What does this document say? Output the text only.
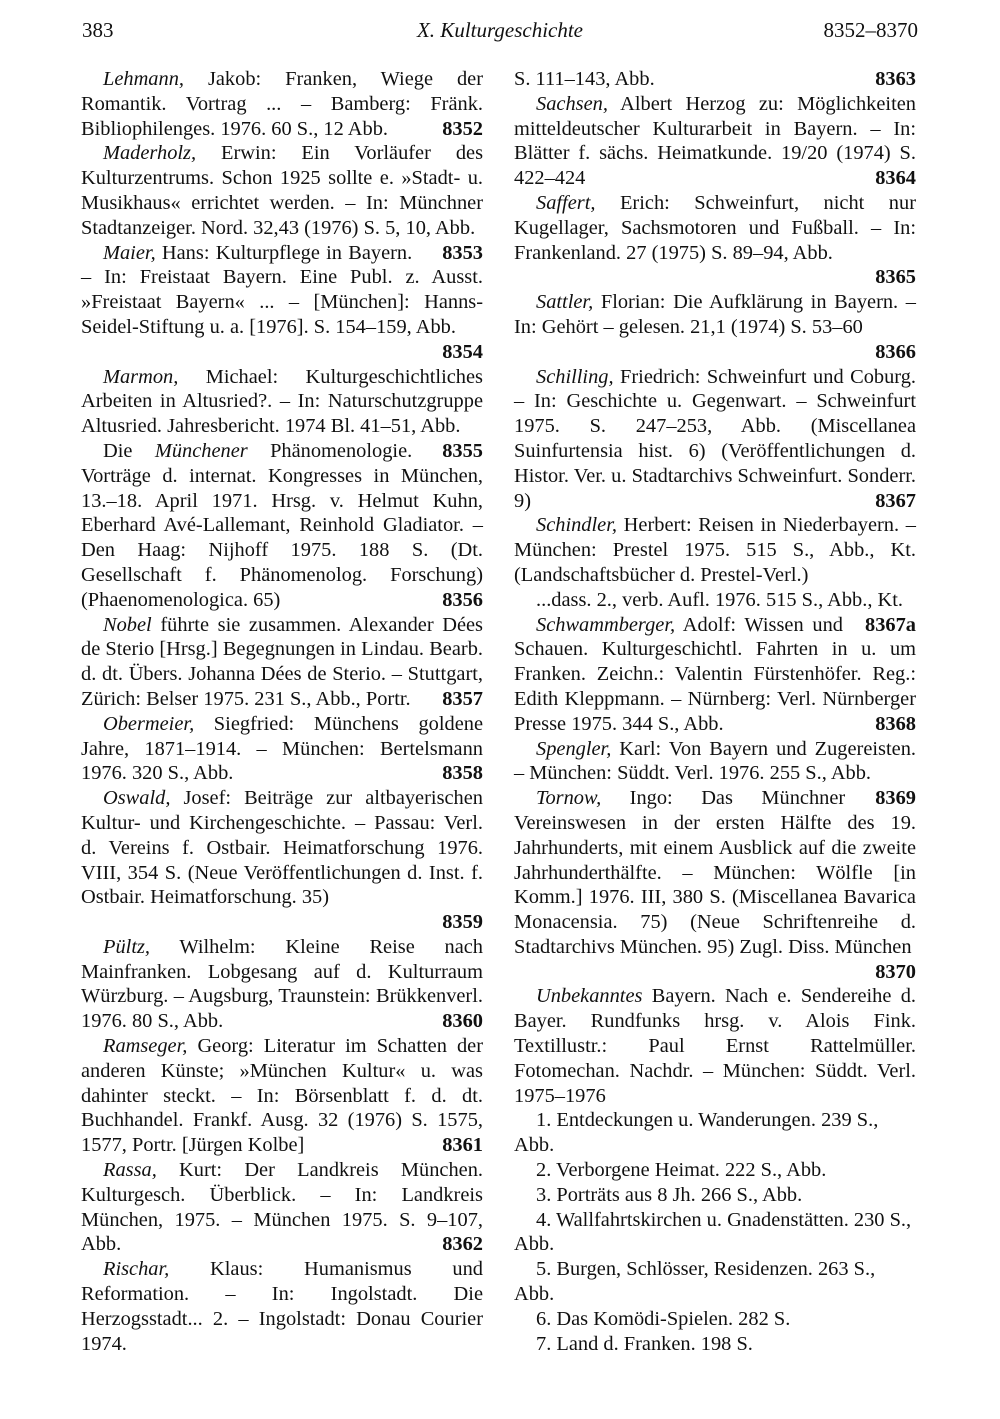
383	X. Kulturgeschichte	8352–8370

Lehmann, Jakob: Franken, Wiege der Romantik. Vortrag ... – Bamberg: Fränk. Bibliophilenges. 1976. 60 S., 12 Abb.	8352

Maderholz, Erwin: Ein Vorläufer des Kulturzentrums. Schon 1925 sollte e. »Stadt- u. Musikhaus« errichtet werden. – In: Münchner Stadtanzeiger. Nord. 32,43 (1976) S. 5, 10, Abb.
8353

Maier, Hans: Kulturpflege in Bayern. – In: Freistaat Bayern. Eine Publ. z. Ausst. »Freistaat Bayern« ... – [München]: Hanns-Seidel-Stiftung u. a. [1976]. S. 154–159, Abb.
8354

Marmon, Michael: Kulturgeschichtliches Arbeiten in Altusried?. – In: Naturschutzgruppe Altusried. Jahresbericht. 1974 Bl. 41–51, Abb.
8355

Die Münchener Phänomenologie. Vorträge d. internat. Kongresses in München, 13.–18. April 1971. Hrsg. v. Helmut Kuhn, Eberhard Avé-Lallemant, Reinhold Gladiator. – Den Haag: Nijhoff 1975. 188 S. (Dt. Gesellschaft f. Phänomenolog. Forschung) (Phaenomenologica. 65)	8356

Nobel führte sie zusammen. Alexander Dées de Sterio [Hrsg.] Begegnungen in Lindau. Bearb. d. dt. Übers. Johanna Dées de Sterio. – Stuttgart, Zürich: Belser 1975. 231 S., Abb., Portr.	8357

Obermeier, Siegfried: Münchens goldene Jahre, 1871–1914. – München: Bertelsmann 1976. 320 S., Abb.	8358

Oswald, Josef: Beiträge zur altbayerischen Kultur- und Kirchengeschichte. – Passau: Verl. d. Vereins f. Ostbair. Heimatforschung 1976. VIII, 354 S. (Neue Veröffentlichungen d. Inst. f. Ostbair. Heimatforschung. 35)
8359

Pültz, Wilhelm: Kleine Reise nach Mainfranken. Lobgesang auf d. Kulturraum Würzburg. – Augsburg, Traunstein: Brükkenverl. 1976. 80 S., Abb.	8360

Ramseger, Georg: Literatur im Schatten der anderen Künste; »München Kultur« u. was dahinter steckt. – In: Börsenblatt f. d. dt. Buchhandel. Frankf. Ausg. 32 (1976) S. 1575, 1577, Portr. [Jürgen Kolbe]	8361

Rassa, Kurt: Der Landkreis München. Kulturgesch. Überblick. – In: Landkreis München, 1975. – München 1975. S. 9–107, Abb.	8362

Rischar, Klaus: Humanismus und Reformation. – In: Ingolstadt. Die Herzogsstadt... 2. – Ingolstadt: Donau Courier 1974.

S. 111–143, Abb.	8363

Sachsen, Albert Herzog zu: Möglichkeiten mitteldeutscher Kulturarbeit in Bayern. – In: Blätter f. sächs. Heimatkunde. 19/20 (1974) S. 422–424	8364

Saffert, Erich: Schweinfurt, nicht nur Kugellager, Sachsmotoren und Fußball. – In: Frankenland. 27 (1975) S. 89–94, Abb.
8365

Sattler, Florian: Die Aufklärung in Bayern. – In: Gehört – gelesen. 21,1 (1974) S. 53–60
8366

Schilling, Friedrich: Schweinfurt und Coburg. – In: Geschichte u. Gegenwart. – Schweinfurt 1975. S. 247–253, Abb. (Miscellanea Suinfurtensia hist. 6) (Veröffentlichungen d. Histor. Ver. u. Stadtarchivs Schweinfurt. Sonderr. 9)	8367

Schindler, Herbert: Reisen in Niederbayern. – München: Prestel 1975. 515 S., Abb., Kt. (Landschaftsbücher d. Prestel-Verl.)

...dass. 2., verb. Aufl. 1976. 515 S., Abb., Kt.
8367a

Schwammberger, Adolf: Wissen und Schauen. Kulturgeschichtl. Fahrten in u. um Franken. Zeichn.: Valentin Fürstenhöfer. Reg.: Edith Kleppmann. – Nürnberg: Verl. Nürnberger Presse 1975. 344 S., Abb.	8368

Spengler, Karl: Von Bayern und Zugereisten. – München: Süddt. Verl. 1976. 255 S., Abb.
8369

Tornow, Ingo: Das Münchner Vereinswesen in der ersten Hälfte des 19. Jahrhunderts, mit einem Ausblick auf die zweite Jahrhunderthälfte. – München: Wölfle [in Komm.] 1976. III, 380 S. (Miscellanea Bavarica Monacensia. 75) (Neue Schriftenreihe d. Stadtarchivs München. 95) Zugl. Diss. München
8370

Unbekanntes Bayern. Nach e. Sendereihe d. Bayer. Rundfunks hrsg. v. Alois Fink. Textillustr.: Paul Ernst Rattelmüller. Fotomechan. Nachdr. – München: Süddt. Verl. 1975–1976

1. Entdeckungen u. Wanderungen. 239 S., Abb.

2. Verborgene Heimat. 222 S., Abb.

3. Porträts aus 8 Jh. 266 S., Abb.

4. Wallfahrtskirchen u. Gnadenstätten. 230 S., Abb.

5. Burgen, Schlösser, Residenzen. 263 S., Abb.

6. Das Komödi-Spielen. 282 S.

7. Land d. Franken. 198 S.
